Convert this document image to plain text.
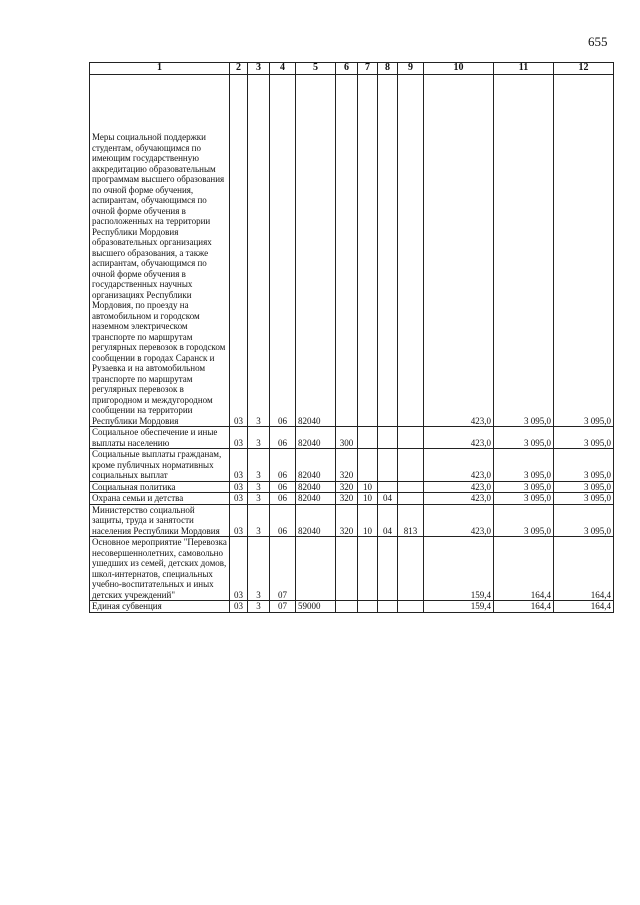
655
1	2	3	4	5	6	7	8	9	10	11	12
Меры социальной поддержки студентам, обучающимся по имеющим государственную аккредитацию образовательным программам высшего образования по очной форме обучения, аспирантам, обучающимся по очной форме обучения в расположенных на территории Республики Мордовия образовательных организациях высшего образования, а также аспирантам, обучающимся по очной форме обучения в государственных научных организациях Республики Мордовия, по проезду на автомобильном и городском наземном электрическом транспорте по маршрутам регулярных перевозок в городском сообщении в городах Саранск и Рузаевка и на автомобильном транспорте по маршрутам регулярных перевозок в пригородном и междугородном сообщении на территории Республики Мордовия	03	3	06	82040					423,0	3 095,0	3 095,0
Социальное обеспечение и иные выплаты населению	03	3	06	82040	300				423,0	3 095,0	3 095,0
Социальные выплаты гражданам, кроме публичных нормативных социальных выплат	03	3	06	82040	320				423,0	3 095,0	3 095,0
Социальная политика	03	3	06	82040	320	10			423,0	3 095,0	3 095,0
Охрана семьи и детства	03	3	06	82040	320	10	04		423,0	3 095,0	3 095,0
Министерство социальной защиты, труда и занятости населения Республики Мордовия	03	3	06	82040	320	10	04	813	423,0	3 095,0	3 095,0
Основное мероприятие "Перевозка несовершеннолетних, самовольно ушедших из семей, детских домов, школ-интернатов, специальных учебно-воспитательных и иных детских учреждений"	03	3	07						159,4	164,4	164,4
Единая субвенция	03	3	07	59000					159,4	164,4	164,4
